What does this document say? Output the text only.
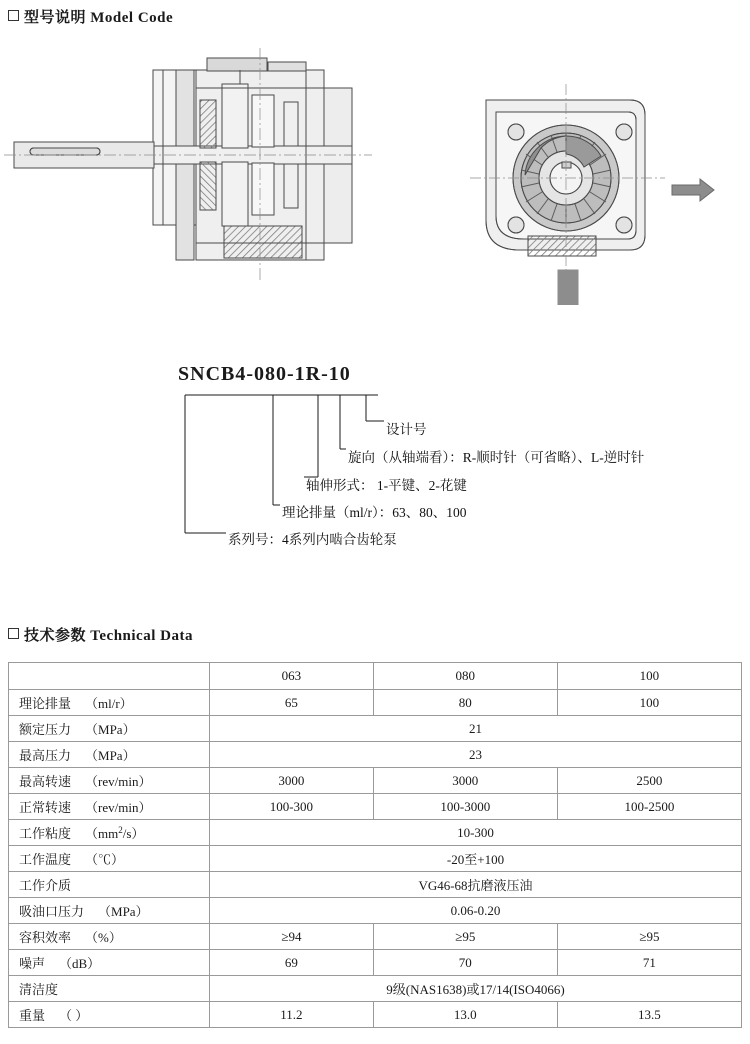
型号说明 Model Code
技术参数 Technical Data
SNCB4-080-1R-10
设计号
旋向（从轴端看）：R-顺时针（可省略）、L-逆时针
轴伸形式： 1-平键、2-花键
理论排量（ml/r）：63、80、100
系列号：4系列内啮合齿轮泵
	063	080	100
理论排量 （ml/r）	65	80	100
额定压力 （MPa）	21		
最高压力 （MPa）	23		
最高转速 （rev/min）	3000	3000	2500
正常转速 （rev/min）	100-300	100-3000	100-2500
工作粘度 $(mm^2/s)$	10-300		
工作温度 （℃）	-20至+100		
工作介质	VG46-68抗磨液压油		
吸油口压力 （MPa）	0.06-0.20		
容积效率 （%）	≥94	≥95	≥95
噪声 （dB）	69	70	71
清洁度	9级(NAS1638)或17/14(ISO4066)		
重量 （ ）	11.2	13.0	13.5
